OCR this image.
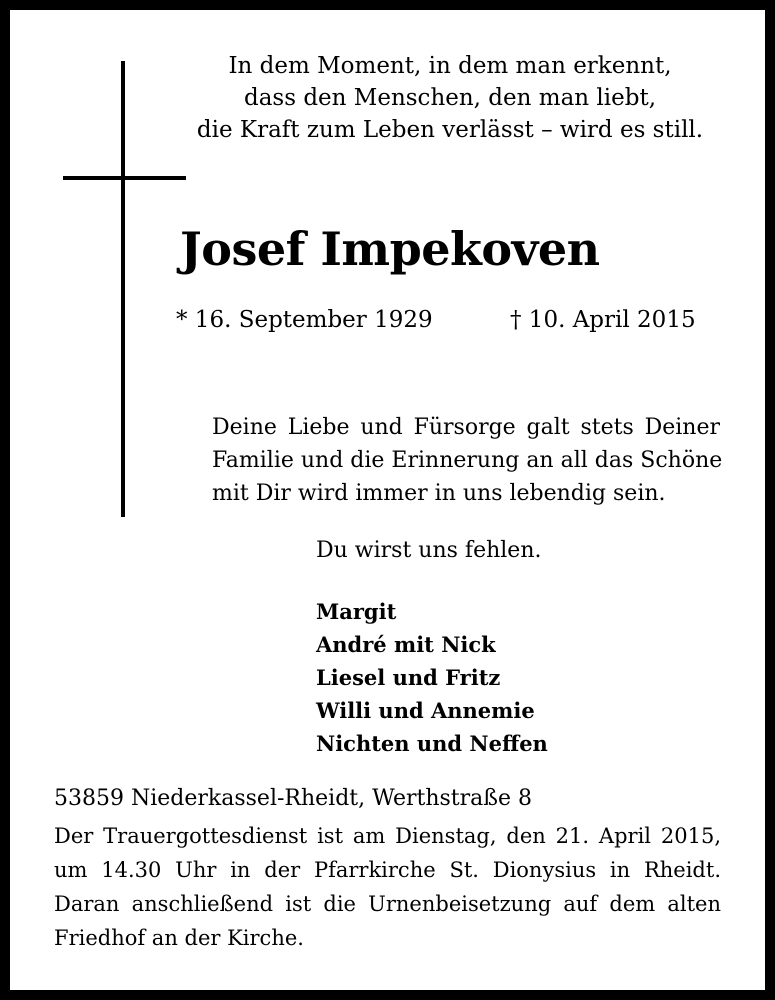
In dem Moment, in dem man erkennt,
dass den Menschen, den man liebt,
die Kraft zum Leben verlässt – wird es still.
Josef Impekoven
* 16. September 1929	† 10. April 2015
Deine Liebe und Fürsorge galt stets Deiner
Familie und die Erinnerung an all das Schöne
mit Dir wird immer in uns lebendig sein.
Du wirst uns fehlen.
Margit
André mit Nick
Liesel und Fritz
Willi und Annemie
Nichten und Neffen
53859 Niederkassel-Rheidt, Werthstraße 8
Der Trauergottesdienst ist am Dienstag, den 21. April 2015,
um 14.30 Uhr in der Pfarrkirche St. Dionysius in Rheidt.
Daran anschließend ist die Urnenbeisetzung auf dem alten
Friedhof an der Kirche.
